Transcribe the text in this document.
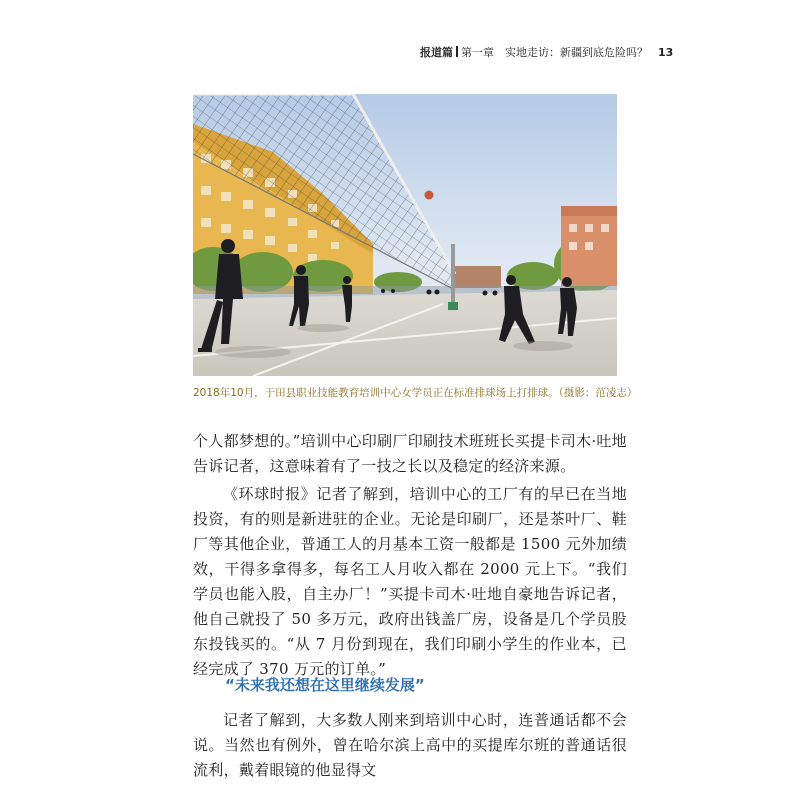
报道篇 第一章　实地走访：新疆到底危险吗？ 13
2018年10月，于田县职业技能教育培训中心女学员正在标准排球场上打排球。（摄影：范凌志）
个人都梦想的。”培训中心印刷厂印刷技术班班长买提卡司木·吐地告诉记者，这意味着有了一技之长以及稳定的经济来源。
《环球时报》记者了解到，培训中心的工厂有的早已在当地投资，有的则是新进驻的企业。无论是印刷厂，还是茶叶厂、鞋厂等其他企业，普通工人的月基本工资一般都是 1500 元外加绩效，干得多拿得多，每名工人月收入都在 2000 元上下。“我们学员也能入股，自主办厂！”买提卡司木·吐地自豪地告诉记者，他自己就投了 50 多万元，政府出钱盖厂房，设备是几个学员股东投钱买的。“从 7 月份到现在，我们印刷小学生的作业本，已经完成了 370 万元的订单。”
“未来我还想在这里继续发展”
记者了解到，大多数人刚来到培训中心时，连普通话都不会说。当然也有例外，曾在哈尔滨上高中的买提库尔班的普通话很流利，戴着眼镜的他显得文
